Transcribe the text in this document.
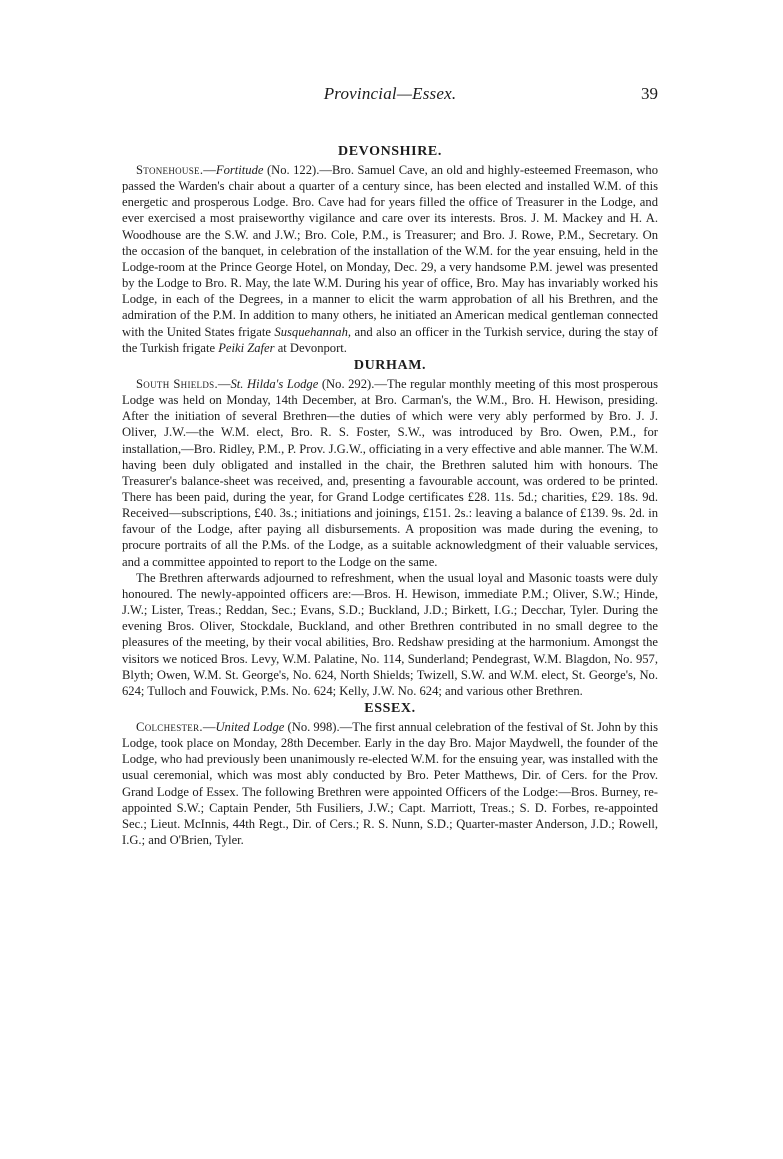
Provincial—Essex.	39
DEVONSHIRE.

Stonehouse.—Fortitude (No. 122).—Bro. Samuel Cave, an old and highly-esteemed Freemason, who passed the Warden's chair about a quarter of a century since, has been elected and installed W.M. of this energetic and prosperous Lodge. Bro. Cave had for years filled the office of Treasurer in the Lodge, and ever exercised a most praiseworthy vigilance and care over its interests. Bros. J. M. Mackey and H. A. Woodhouse are the S.W. and J.W.; Bro. Cole, P.M., is Treasurer; and Bro. J. Rowe, P.M., Secretary. On the occasion of the banquet, in celebration of the installation of the W.M. for the year ensuing, held in the Lodge-room at the Prince George Hotel, on Monday, Dec. 29, a very handsome P.M. jewel was presented by the Lodge to Bro. R. May, the late W.M. During his year of office, Bro. May has invariably worked his Lodge, in each of the Degrees, in a manner to elicit the warm approbation of all his Brethren, and the admiration of the P.M. In addition to many others, he initiated an American medical gentleman connected with the United States frigate Susquehannah, and also an officer in the Turkish service, during the stay of the Turkish frigate Peiki Zafer at Devonport.

DURHAM.

South Shields.—St. Hilda's Lodge (No. 292).—The regular monthly meeting of this most prosperous Lodge was held on Monday, 14th December, at Bro. Carman's, the W.M., Bro. H. Hewison, presiding. After the initiation of several Brethren—the duties of which were very ably performed by Bro. J. J. Oliver, J.W.—the W.M. elect, Bro. R. S. Foster, S.W., was introduced by Bro. Owen, P.M., for installation,—Bro. Ridley, P.M., P. Prov. J.G.W., officiating in a very effective and able manner. The W.M. having been duly obligated and installed in the chair, the Brethren saluted him with honours. The Treasurer's balance-sheet was received, and, presenting a favourable account, was ordered to be printed. There has been paid, during the year, for Grand Lodge certificates £28. 11s. 5d.; charities, £29. 18s. 9d. Received—subscriptions, £40. 3s.; initiations and joinings, £151. 2s.: leaving a balance of £139. 9s. 2d. in favour of the Lodge, after paying all disbursements. A proposition was made during the evening, to procure portraits of all the P.Ms. of the Lodge, as a suitable acknowledgment of their valuable services, and a committee appointed to report to the Lodge on the same.

The Brethren afterwards adjourned to refreshment, when the usual loyal and Masonic toasts were duly honoured. The newly-appointed officers are:—Bros. H. Hewison, immediate P.M.; Oliver, S.W.; Hinde, J.W.; Lister, Treas.; Reddan, Sec.; Evans, S.D.; Buckland, J.D.; Birkett, I.G.; Decchar, Tyler. During the evening Bros. Oliver, Stockdale, Buckland, and other Brethren contributed in no small degree to the pleasures of the meeting, by their vocal abilities, Bro. Redshaw presiding at the harmonium. Amongst the visitors we noticed Bros. Levy, W.M. Palatine, No. 114, Sunderland; Pendegrast, W.M. Blagdon, No. 957, Blyth; Owen, W.M. St. George's, No. 624, North Shields; Twizell, S.W. and W.M. elect, St. George's, No. 624; Tulloch and Fouwick, P.Ms. No. 624; Kelly, J.W. No. 624; and various other Brethren.

ESSEX.

Colchester.—United Lodge (No. 998).—The first annual celebration of the festival of St. John by this Lodge, took place on Monday, 28th December. Early in the day Bro. Major Maydwell, the founder of the Lodge, who had previously been unanimously re-elected W.M. for the ensuing year, was installed with the usual ceremonial, which was most ably conducted by Bro. Peter Matthews, Dir. of Cers. for the Prov. Grand Lodge of Essex. The following Brethren were appointed Officers of the Lodge:—Bros. Burney, re-appointed S.W.; Captain Pender, 5th Fusiliers, J.W.; Capt. Marriott, Treas.; S. D. Forbes, re-appointed Sec.; Lieut. McInnis, 44th Regt., Dir. of Cers.; R. S. Nunn, S.D.; Quarter-master Anderson, J.D.; Rowell, I.G.; and O'Brien, Tyler.
